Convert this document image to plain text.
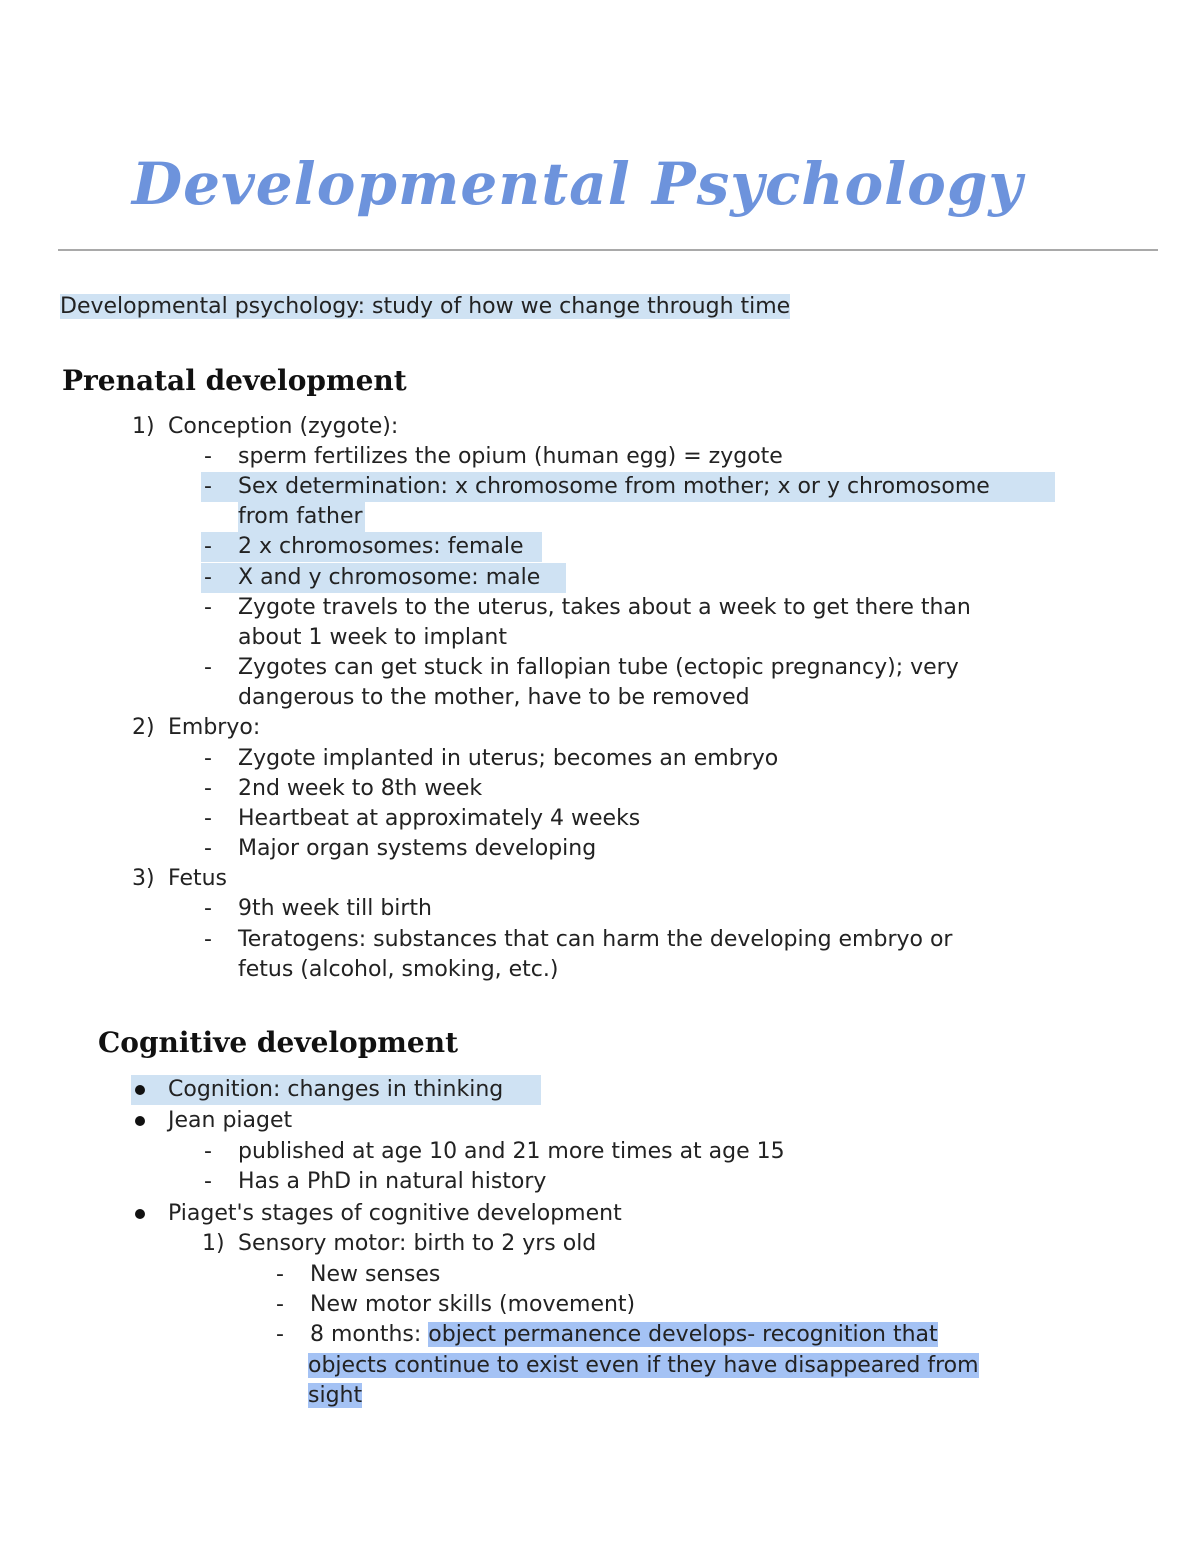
Developmental Psychology
Developmental psychology: study of how we change through time
Prenatal development
1) Conception (zygote):
- sperm fertilizes the opium (human egg) = zygote
Sex determination: x chromosome from mother; x or y chromosome
-
from father
2 x chromosomes: female
-
X and y chromosome: male
-
- Zygote travels to the uterus, takes about a week to get there than
about 1 week to implant
- Zygotes can get stuck in fallopian tube (ectopic pregnancy); very
dangerous to the mother, have to be removed
2) Embryo:
- Zygote implanted in uterus; becomes an embryo
- 2nd week to 8th week
- Heartbeat at approximately 4 weeks
- Major organ systems developing
3) Fetus
- 9th week till birth
- Teratogens: substances that can harm the developing embryo or
fetus (alcohol, smoking, etc.)
Cognitive development
Cognition: changes in thinking
Jean piaget
- published at age 10 and 21 more times at age 15
- Has a PhD in natural history
Piaget's stages of cognitive development
1) Sensory motor: birth to 2 yrs old
- New senses
- New motor skills (movement)
- 8 months: object permanence develops- recognition that
objects continue to exist even if they have disappeared from
sight
